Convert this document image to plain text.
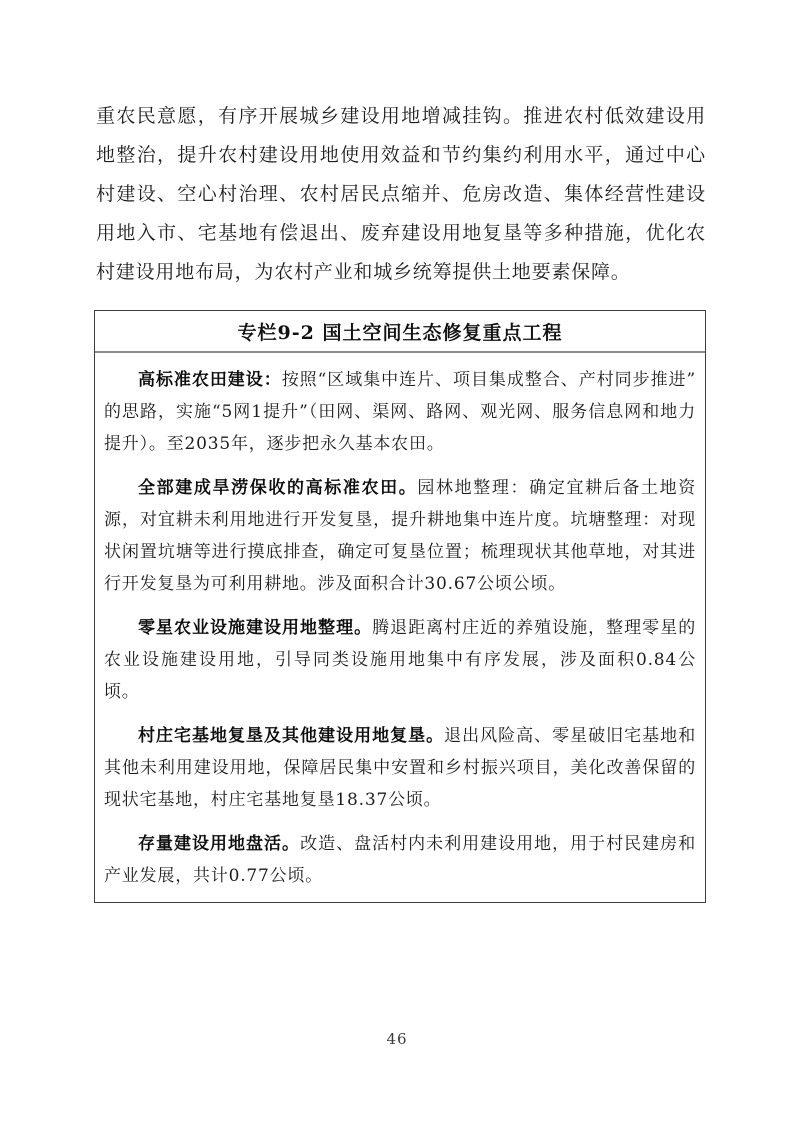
重农民意愿，有序开展城乡建设用地增减挂钩。推进农村低效建设用地整治，提升农村建设用地使用效益和节约集约利用水平，通过中心村建设、空心村治理、农村居民点缩并、危房改造、集体经营性建设用地入市、宅基地有偿退出、废弃建设用地复垦等多种措施，优化农村建设用地布局，为农村产业和城乡统筹提供土地要素保障。

专栏9-2 国土空间生态修复重点工程

高标准农田建设：按照“区域集中连片、项目集成整合、产村同步推进”的思路，实施“5网1提升”（田网、渠网、路网、观光网、服务信息网和地力提升）。至2035年，逐步把永久基本农田。

全部建成旱涝保收的高标准农田。园林地整理：确定宜耕后备土地资源，对宜耕未利用地进行开发复垦，提升耕地集中连片度。坑塘整理：对现状闲置坑塘等进行摸底排查，确定可复垦位置；梳理现状其他草地，对其进行开发复垦为可利用耕地。涉及面积合计30.67公顷公顷。

零星农业设施建设用地整理。腾退距离村庄近的养殖设施，整理零星的农业设施建设用地，引导同类设施用地集中有序发展，涉及面积0.84公顷。

村庄宅基地复垦及其他建设用地复垦。退出风险高、零星破旧宅基地和其他未利用建设用地，保障居民集中安置和乡村振兴项目，美化改善保留的现状宅基地，村庄宅基地复垦18.37公顷。

存量建设用地盘活。改造、盘活村内未利用建设用地，用于村民建房和产业发展，共计0.77公顷。

46
